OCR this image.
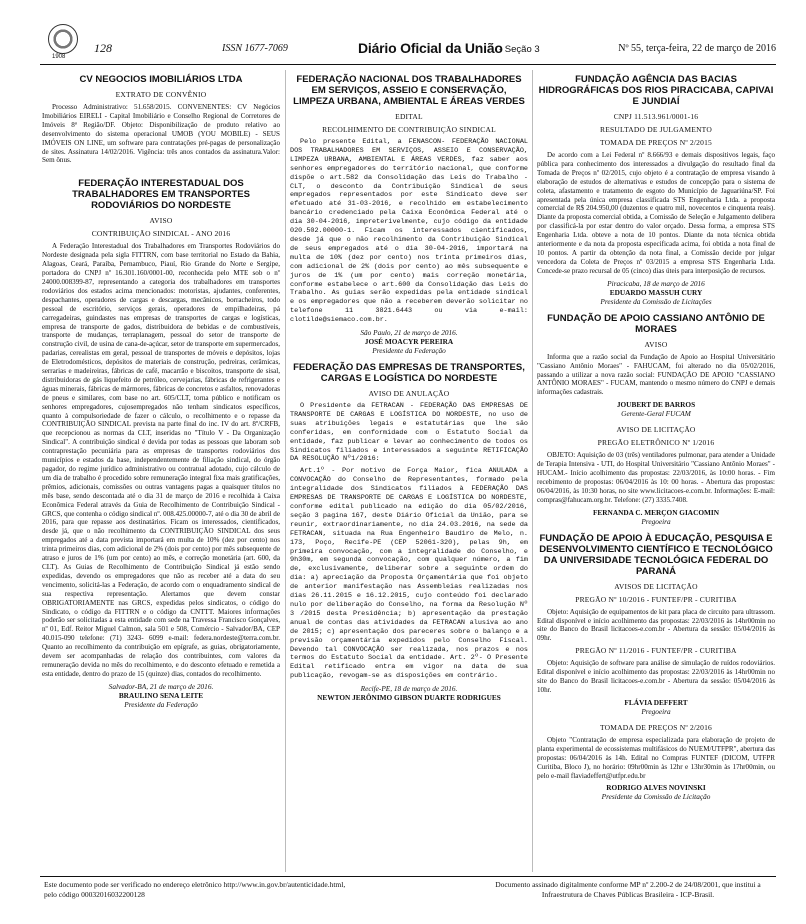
1908
128	ISSN 1677-7069	Diário Oficial da União
- Seção 3	Nº 55, terça-feira, 22 de março de 2016
CV NEGOCIOS IMOBILIÁRIOS LTDA
EXTRATO DE CONVÊNIO
Processo Administrativo: 51.658/2015. CONVENENTES: CV Negócios Imobiliários EIRELI - Capital Imobiliário e Conselho Regional de Corretores de Imóveis 8ª Região/DF. Objeto: Disponibilização de produto relativo ao desenvolvimento do sistema operacional UMOB (YOU MOBILE) - SEUS IMÓVEIS ON LINE, um software para contratações pré-pagas de personalização de sites. Assinatura 14/02/2016. Vigência: três anos contados da assinatura.Valor: Sem ônus.
FEDERAÇÃO INTERESTADUAL DOS TRABALHADORES EM TRANSPORTES RODOVIÁRIOS DO NORDESTE
AVISO
CONTRIBUIÇÃO SINDICAL - ANO 2016
A Federação Interestadual dos Trabalhadores em Transportes Rodoviários do Nordeste designada pela sigla FITTRN, com base territorial no Estado da Bahia, Alagoas, Ceará, Paraíba, Pernambuco, Piauí, Rio Grande do Norte e Sergipe, portadora do CNPJ nº 16.301.160/0001-00, reconhecida pelo MTE sob o nº 24000.008399-87, representando a categoria dos trabalhadores em transportes rodoviários dos estados acima mencionados: motoristas, ajudantes, conferentes, despachantes, operadores de cargas e descargas, mecânicos, borracheiros, todo pessoal de escritório, serviços gerais, operadores de empilhadeiras, pá carregadeiras, guindastes nas empresas de transportes de cargas e logísticas, empresa de transporte de gados, distribuidora de bebidas e de combustíveis, transporte de mudanças, terraplanagem, pessoal do setor de transporte de construção civil, de usina de cana-de-açúcar, setor de transporte em supermercados, padarias, cerealistas em geral, pessoal de transportes de móveis e depósitos, lojas de Eletrodomésticos, depósitos de materiais de construção, pedreiras, cerâmicas, serrarias e madeireiras, fábricas de café, macarrão e biscoitos, transporte de sisal, distribuidoras de gás liquefeito de petróleo, cervejarias, fábricas de refrigerantes e águas minerais, fábricas de mármores, fábricas de concretos e asfaltos, renovadoras de pneus e similares, com base no art. 605/CLT, torna público e notificam os senhores empregadores, cujosempregados não tenham sindicatos específicos, quanto à compulsoriedade de fazer o cálculo, o recolhimento e o repasse da CONTRIBUIÇÃO SINDICAL prevista na parte final do inc. IV do art. 8º/CRFB, que recepcionou as normas da CLT, inseridas no "Título V - Da Organização Sindical". A contribuição sindical é devida por todas as pessoas que laboram sob contraprestação pecuniária para as empresas de transportes rodoviários dos municípios e estados da base, independentemente de filiação sindical, do órgão pagador, do regime jurídico administrativo ou contratual adotado, cujo cálculo de um dia de trabalho é procedido sobre remuneração integral fixa mais gratificações, prêmios, adicionais, comissões ou outras vantagens pagas a quaisquer títulos no mês base, sendo descontada até o dia 31 de março de 2016 e recolhida à Caixa Econômica Federal através da Guia de Recolhimento de Contribuição Sindical - GRCS, que contenha o código sindical nº. 008.425.00000-7, até o dia 30 de abril de 2016, para que repasse aos destinatários. Ficam os interessados, cientificados, desde já, que o não recolhimento da CONTRIBUIÇÃO SINDICAL dos seus empregados até a data prevista importará em multa de 10% (dez por cento) nos trinta primeiros dias, com adicional de 2% (dois por cento) por mês subsequente de atraso e juros de 1% (um por cento) ao mês, e correção monetária (art. 600, da CLT). As Guias de Recolhimento de Contribuição Sindical já estão sendo expedidas, devendo os empregadores que não as receber até a data do seu vencimento, solicitá-las a Federação, de acordo com o enquadramento sindical de sua respectiva representação. Alertamos que devem constar OBRIGATORIAMENTE nas GRCS, expedidas pelos sindicatos, o código do Sindicato, o código da FITTRN e o código da CNTTT. Maiores informações poderão ser solicitadas a esta entidade com sede na Travessa Francisco Gonçalves, nº 01, Edf. Reitor Miguel Calmon, sala 501 e 508, Comércio - Salvador/BA, CEP 40.015-090 telefone: (71) 3243- 6099 e-mail: federa.nordeste@terra.com.br. Quanto ao recolhimento da contribuição em epígrafe, as guias, obrigatoriamente, devem ser acompanhadas de relação dos contribuintes, com valores da remuneração devida no mês do recolhimento, e do desconto efetuado e remetida a esta entidade, dentro do prazo de 15 (quinze) dias, contados do recolhimento.
Salvador-BA, 21 de março de 2016.
BRAULINO SENA LEITE
Presidente da Federação
FEDERAÇÃO NACIONAL DOS TRABALHADORES EM SERVIÇOS, ASSEIO E CONSERVAÇÃO, LIMPEZA URBANA, AMBIENTAL E ÁREAS VERDES
EDITAL
RECOLHIMENTO DE CONTRIBUIÇÃO SINDICAL
Pelo presente Edital, a FENASCON- FEDERAÇÃO NACIONAL DOS TRABALHADORES EM SERVIÇOS, ASSEIO E CONSERVAÇÃO, LIMPEZA URBANA, AMBIENTAL E ÁREAS VERDES, faz saber aos senhores empregadores do território nacional, que conforme dispõe o art.582 da Consolidação das Leis do Trabalho - CLT, o desconto da Contribuição Sindical de seus empregados representados por este Sindicato deve ser efetuado até 31-03-2016, e recolhido em estabelecimento bancário credenciado pela Caixa Econômica Federal até o dia 30-04-2016, impreterivelmente, cujo código da entidade 020.502.00000-1. Ficam os interessados cientificados, desde já que o não recolhimento da Contribuição Sindical de seus empregados até o dia 30-04-2016, importará na multa de 10% (dez por cento) nos trinta primeiros dias, com adicional de 2% (dois por cento) ao mês subsequente e juros de 1% (um por cento) mais correção monetária, conforme estabelece o art.600 da Consolidação das Leis do Trabalho. As guias serão expedidas pela entidade sindical e os empregadores que não a receberem deverão solicitar no telefone 11 3821.6443 ou via e-mail: clotilde@siemaco.com.br.
São Paulo, 21 de março de 2016.
JOSÉ MOACYR PEREIRA
Presidente da Federação
FEDERAÇÃO DAS EMPRESAS DE TRANSPORTES, CARGAS E LOGÍSTICA DO NORDESTE
AVISO DE ANULAÇÃO
O Presidente da FETRACAN - FEDERAÇÃO DAS EMPRESAS DE TRANSPORTE DE CARGAS E LOGÍSTICA DO NORDESTE, no uso de suas atribuições legais e estatutárias que lhe são conferidas, em conformidade com o Estatuto Social da entidade, faz publicar e levar ao conhecimento de todos os Sindicatos filiados e interessados a seguinte RETIFICAÇÃO DA RESOLUÇÃO Nº1/2016:
Art.1º - Por motivo de Força Maior, fica ANULADA a CONVOCAÇÃO do Conselho de Representantes, formado pela integralidade dos Sindicatos filiados à FEDERAÇÃO DAS EMPRESAS DE TRANSPORTE DE CARGAS E LOGÍSTICA DO NORDESTE, conforme edital publicado na edição do dia 05/02/2016, seção 3 pagina 167, deste Diário Oficial da União, para se reunir, extraordinariamente, no dia 24.03.2016, na sede da FETRACAN, situada na Rua Engenheiro Baudiro de Melo, n. 173, Poço, Recife-PE (CEP 52061-320), pelas 9h, em primeira convocação, com a integralidade do Conselho, e 9h30m, em segunda convocação, com qualquer número, a fim de, exclusivamente, deliberar sobre a seguinte ordem do dia: a) apreciação da Proposta Orçamentária que foi objeto de anterior manifestação nas Assembleias realizadas nos dias 26.11.2015 e 16.12.2015, cujo conteúdo foi declarado nulo por deliberação do Conselho, na forma da Resolução Nº 3 /2015 desta Presidência; b) apresentação da prestação anual de contas das atividades da FETRACAN alusiva ao ano de 2015; c) apresentação dos pareceres sobre o balanço e a previsão orçamentária expedidos pelo Conselho Fiscal. Devendo tal CONVOCAÇÃO ser realizada, nos prazos e nos termos do Estatuto Social da entidade. Art. 2º- O Presente Edital retificado entra em vigor na data de sua publicação, revogam-se as disposições em contrário.
Recife-PE, 18 de março de 2016.
NEWTON JERÔNIMO GIBSON DUARTE RODRIGUES
FUNDAÇÃO AGÊNCIA DAS BACIAS HIDROGRÁFICAS DOS RIOS PIRACICABA, CAPIVAI E JUNDIAÍ
CNPJ 11.513.961/0001-16
RESULTADO DE JULGAMENTO
TOMADA DE PREÇOS Nº 2/2015
De acordo com a Lei Federal nº 8.666/93 e demais dispositivos legais, faço pública para conhecimento dos interessados a divulgação do resultado final da Tomada de Preços nº 02/2015, cujo objeto é a contratação de empresa visando à elaboração de estudos de alternativas e estudos de concepção para o sistema de coleta, afastamento e tratamento de esgoto do Município de Jaguariúna/SP. Foi apresentada pela única empresa classificada STS Engenharia Ltda. a proposta comercial de R$ 204.950,00 (duzentos e quatro mil, novecentos e cinquenta reais). Diante da proposta comercial obtida, a Comissão de Seleção e Julgamento delibera por classificá-la por estar dentro do valor orçado. Dessa forma, a empresa STS Engenharia Ltda. obteve a nota de 10 pontos. Diante da nota técnica obtida anteriormente e da nota da proposta especificada acima, foi obtida a nota final de 10 pontos. A partir da obtenção da nota final, a Comissão decide por julgar vencedora da Coleta de Preços nº 03/2015 a empresa STS Engenharia Ltda. Concede-se prazo recursal de 05 (cinco) dias úteis para interposição de recursos.
Piracicaba, 18 de março de 2016
EDUARDO MASSUH CURY
Presidente da Comissão de Licitações
FUNDAÇÃO DE APOIO CASSIANO ANTÔNIO DE MORAES
AVISO
Informa que a razão social da Fundação de Apoio ao Hospital Universitário "Cassiano Antônio Moraes" - FAHUCAM, foi alterado no dia 05/02/2016, passando a utilizar a nova razão social: FUNDAÇÃO DE APOIO "CASSIANO ANTÔNIO MORAES" - FUCAM, mantendo o mesmo número do CNPJ e demais informações cadastrais.
JOUBERT DE BARROS
Gerente-Geral FUCAM
AVISO DE LICITAÇÃO
PREGÃO ELETRÔNICO Nº 1/2016
OBJETO: Aquisição de 03 (três) ventiladores pulmonar, para atender a Unidade de Terapia Intensiva - UTI, do Hospital Universitário "Cassiano Antônio Moraes" - HUCAM.- Início acolhimento das propostas: 22/03/2016, às 10:00 horas. - Fim recebimento de propostas: 06/04/2016 às 10: 00 horas. - Abertura das propostas: 06/04/2016, às 10:30 horas, no site www.licitacoes-e.com.br. Informações: E-mail: compras@fahucam.org.br. Telefone: (27) 3335.7408.
FERNANDA C. MERÇON GIACOMIN
Pregoeira
FUNDAÇÃO DE APOIO À EDUCAÇÃO, PESQUISA E DESENVOLVIMENTO CIENTÍFICO E TECNOLÓGICO DA UNIVERSIDADE TECNOLÓGICA FEDERAL DO PARANÁ
AVISOS DE LICITAÇÃO
PREGÃO Nº 10/2016 - FUNTEF/PR - CURITIBA
Objeto: Aquisição de equipamentos de kit para placa de circuito para ultrassom. Edital disponível e início acolhimento das propostas: 22/03/2016 às 14hr00min no site do Banco do Brasil licitacoes-e.com.br - Abertura da sessão: 05/04/2016 às 09hr.
PREGÃO Nº 11/2016 - FUNTEF/PR - CURITIBA
Objeto: Aquisição de software para análise de simulação de ruídos rodoviários. Edital disponível e início acolhimento das propostas: 22/03/2016 às 14hr00min no site do Banco do Brasil licitacoes-e.com.br - Abertura da sessão: 05/04/2016 às 10hr.
FLÁVIA DEFFERT
Pregoeira
TOMADA DE PREÇOS Nº 2/2016
Objeto "Contratação de empresa especializada para elaboração de projeto de planta experimental de ecossistemas multifásicos do NUEM/UTFPR", abertura das propostas: 06/04/2016 às 14h. Edital no Compras FUNTEF (DICOM, UTFPR Curitiba, Bloco J), no horário: 09hr00min às 12hr e 13hr30min às 17hr00min, ou pelo e-mail flaviadeffert@utfpr.edu.br
RODRIGO ALVES NOVINSKI
Presidente da Comissão de Licitação
Este documento pode ser verificado no endereço eletrônico http://www.in.gov.br/autenticidade.html,
pelo código 00032016032200128
Documento assinado digitalmente conforme MP nº 2.200-2 de 24/08/2001, que institui a Infraestrutura de Chaves Públicas Brasileira - ICP-Brasil.
